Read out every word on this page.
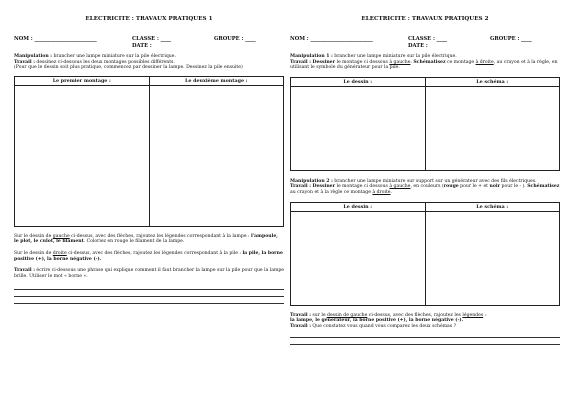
ELECTRICITE : TRAVAUX PRATIQUES 1
NOM : ________________________	CLASSE : ____
DATE :
GROUPE : ____

Manipulation : brancher une lampe miniature sur la pile électrique.

Travail : dessinez ci-dessous les deux montages possibles différents.

(Pour que le dessin soit plus pratique, commencez par dessiner la lampe. Dessinez la pile ensuite)

Le premier montage :	Le deuxième montage :

Sur le dessin de gauche ci-dessus, avec des flèches, rajoutez les légendes correspondant à la lampe : l'ampoule, le plot, le culot, le filament. Coloriez en rouge le filament de la lampe.

Sur le dessin de droite ci-dessus, avec des flèches, rajoutez les légendes correspondant à la pile : la pile, la borne positive (+), la borne négative (-).

Travail : écrire ci-dessous une phrase qui explique comment il faut brancher la lampe sur la pile pour que la lampe brille. Utiliser le mot « borne ».

ELECTRICITE : TRAVAUX PRATIQUES 2
NOM : ________________________	CLASSE : ____
DATE :
GROUPE : ____

Manipulation 1 : brancher une lampe miniature sur la pile électrique.

Travail : Dessiner le montage ci dessous à gauche. Schématisez ce montage à droite, au crayon et à la règle, en utilisant le symbole du générateur pour la pile.

Le dessin :	Le schéma :

Manipulation 2 : brancher une lampe miniature sur support sur un générateur avec des fils électriques.

Travail : Dessiner le montage ci dessous à gauche, en couleurs (rouge pour le + et noir pour le - ). Schématisez au crayon et à la règle ce montage à droite.

Le dessin :	Le schéma :

Travail : sur le dessin de gauche ci-dessus, avec des flèches, rajoutez les légendes :

la lampe, le générateur, la borne positive (+), la borne négative (-).

Travail : Que constatez vous quand vous comparez les deux schémas ?
